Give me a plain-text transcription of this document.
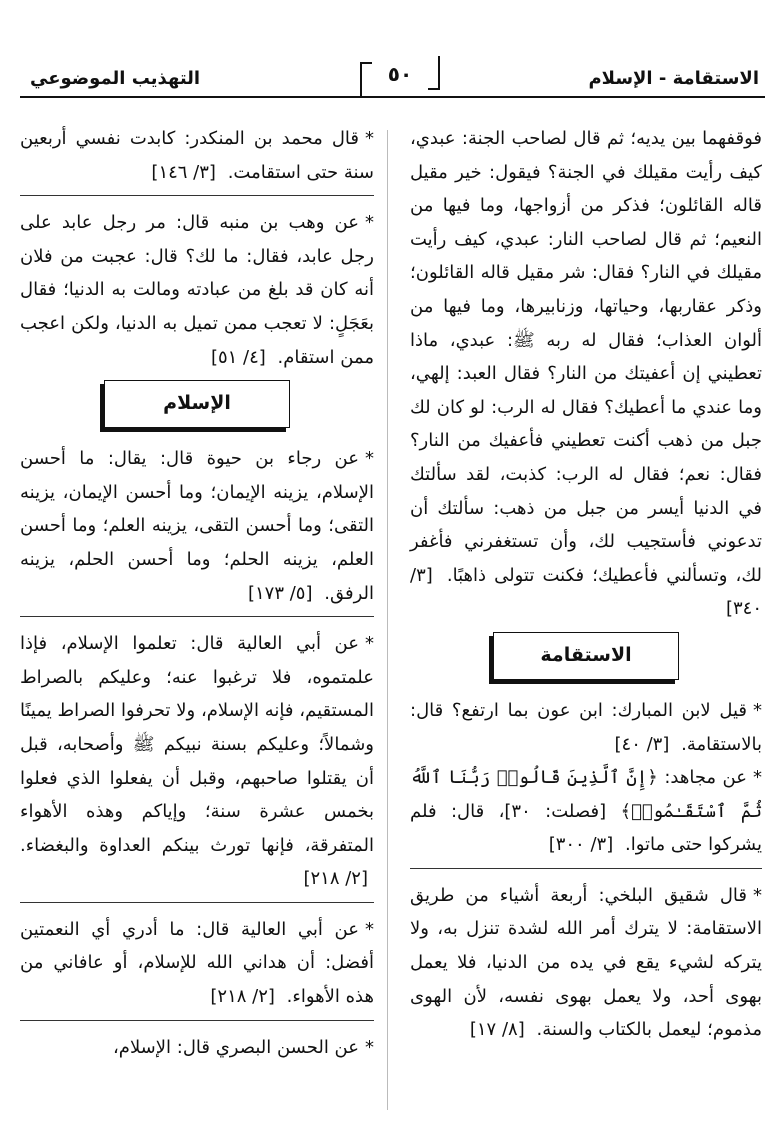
الاستقامة - الإسلام
٥٠
التهذيب الموضوعي

فوقفهما بين يديه؛ ثم قال لصاحب الجنة: عبدي، كيف رأيت مقيلك في الجنة؟ فيقول: خير مقيل قاله القائلون؛ فذكر من أزواجها، وما فيها من النعيم؛ ثم قال لصاحب النار: عبدي، كيف رأيت مقيلك في النار؟ فقال: شر مقيل قاله القائلون؛ وذكر عقاربها، وحياتها، وزنابيرها، وما فيها من ألوان العذاب؛ فقال له ربه ﷺ: عبدي، ماذا تعطيني إن أعفيتك من النار؟ فقال العبد: إلهي، وما عندي ما أعطيك؟ فقال له الرب: لو كان لك جبل من ذهب أكنت تعطيني فأعفيك من النار؟ فقال: نعم؛ فقال له الرب: كذبت، لقد سألتك في الدنيا أيسر من جبل من ذهب: سألتك أن تدعوني فأستجيب لك، وأن تستغفرني فأغفر لك، وتسألني فأعطيك؛ فكنت تتولى ذاهبًا. [٣/ ٣٤٠]

الاستقامة

*قيل لابن المبارك: ابن عون بما ارتفع؟ قال: بالاستقامة. [٣/ ٤٠]

*عن مجاهد: ﴿إِنَّ ٱلَّذِينَ قَالُوا۟ رَبُّنَا ٱللَّهُ ثُمَّ ٱسْتَقَـٰمُوا۟﴾ [فصلت: ٣٠]، قال: فلم يشركوا حتى ماتوا. [٣/ ٣٠٠]

*قال شقيق البلخي: أربعة أشياء من طريق الاستقامة: لا يترك أمر الله لشدة تنزل به، ولا يتركه لشيء يقع في يده من الدنيا، فلا يعمل بهوى أحد، ولا يعمل بهوى نفسه، لأن الهوى مذموم؛ ليعمل بالكتاب والسنة. [٨/ ١٧]

*قال محمد بن المنكدر: كابدت نفسي أربعين سنة حتى استقامت. [٣/ ١٤٦]

*عن وهب بن منبه قال: مر رجل عابد على رجل عابد، فقال: ما لك؟ قال: عجبت من فلان أنه كان قد بلغ من عبادته ومالت به الدنيا؛ فقال بعَجَلٍ: لا تعجب ممن تميل به الدنيا، ولكن اعجب ممن استقام. [٤/ ٥١]

الإسلام

*عن رجاء بن حيوة قال: يقال: ما أحسن الإسلام، يزينه الإيمان؛ وما أحسن الإيمان، يزينه التقى؛ وما أحسن التقى، يزينه العلم؛ وما أحسن العلم، يزينه الحلم؛ وما أحسن الحلم، يزينه الرفق. [٥/ ١٧٣]

*عن أبي العالية قال: تعلموا الإسلام، فإذا علمتموه، فلا ترغبوا عنه؛ وعليكم بالصراط المستقيم، فإنه الإسلام، ولا تحرفوا الصراط يمينًا وشمالاً؛ وعليكم بسنة نبيكم ﷺ وأصحابه، قبل أن يقتلوا صاحبهم، وقبل أن يفعلوا الذي فعلوا بخمس عشرة سنة؛ وإياكم وهذه الأهواء المتفرقة، فإنها تورث بينكم العداوة والبغضاء. [٢/ ٢١٨]

*عن أبي العالية قال: ما أدري أي النعمتين أفضل: أن هداني الله للإسلام، أو عافاني من هذه الأهواء. [٢/ ٢١٨]

*عن الحسن البصري قال: الإسلام،
